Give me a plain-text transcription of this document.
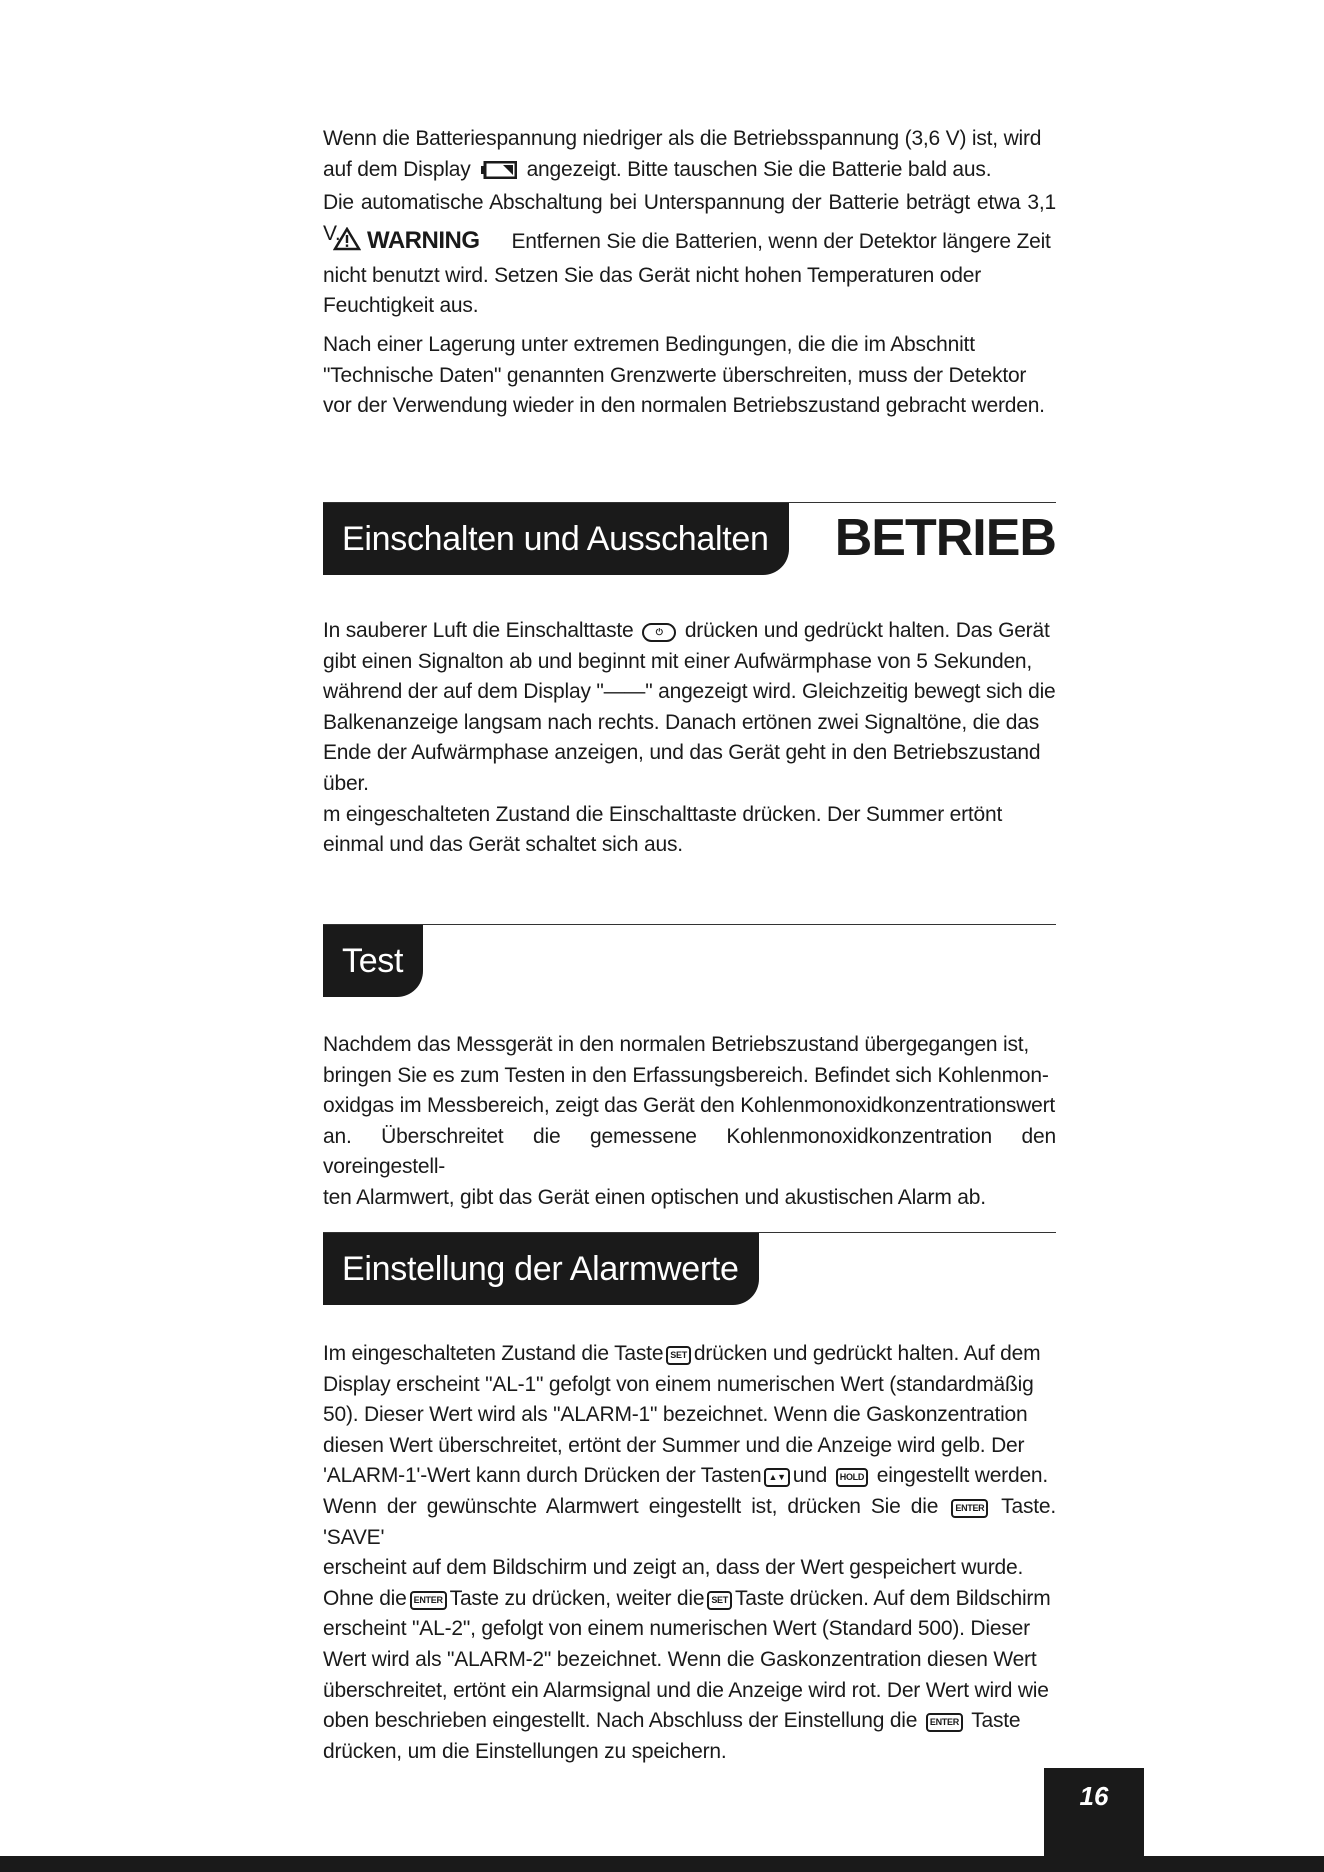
Wenn die Batteriespannung niedriger als die Betriebsspannung (3,6 V) ist, wird
auf dem Display	angezeigt. Bitte tauschen Sie die Batterie bald aus.
Die automatische Abschaltung bei Unterspannung der Batterie beträgt etwa 3,1 V.	WARNING Entfernen Sie die Batterien, wenn der Detektor längere Zeit
nicht benutzt wird. Setzen Sie das Gerät nicht hohen Temperaturen oder
Feuchtigkeit aus.

Nach einer Lagerung unter extremen Bedingungen, die die im Abschnitt
"Technische Daten" genannten Grenzwerte überschreiten, muss der Detektor
vor der Verwendung wieder in den normalen Betriebszustand gebracht werden.

Einschalten und Ausschalten	BETRIEB

In sauberer Luft die Einschalttaste ⏻ drücken und gedrückt halten. Das Gerät
gibt einen Signalton ab und beginnt mit einer Aufwärmphase von 5 Sekunden,
während der auf dem Display "——" angezeigt wird. Gleichzeitig bewegt sich die
Balkenanzeige langsam nach rechts. Danach ertönen zwei Signaltöne, die das
Ende der Aufwärmphase anzeigen, und das Gerät geht in den Betriebszustand
über.
m eingeschalteten Zustand die Einschalttaste drücken. Der Summer ertönt
einmal und das Gerät schaltet sich aus.

Test

Nachdem das Messgerät in den normalen Betriebszustand übergegangen ist,
bringen Sie es zum Testen in den Erfassungsbereich. Befindet sich Kohlenmon-
oxidgas im Messbereich, zeigt das Gerät den Kohlenmonoxidkonzentrationswert
an. Überschreitet die gemessene Kohlenmonoxidkonzentration den voreingestell-
ten Alarmwert, gibt das Gerät einen optischen und akustischen Alarm ab.

Einstellung der Alarmwerte

Im eingeschalteten Zustand die Taste SET drücken und gedrückt halten. Auf dem
Display erscheint "AL-1" gefolgt von einem numerischen Wert (standardmäßig
50). Dieser Wert wird als "ALARM-1" bezeichnet. Wenn die Gaskonzentration
diesen Wert überschreitet, ertönt der Summer und die Anzeige wird gelb. Der
'ALARM-1'-Wert kann durch Drücken der Tasten ▲▼ und HOLD eingestellt werden.
Wenn der gewünschte Alarmwert eingestellt ist, drücken Sie die ENTER Taste. 'SAVE'
erscheint auf dem Bildschirm und zeigt an, dass der Wert gespeichert wurde.
Ohne die ENTER Taste zu drücken, weiter die SET Taste drücken. Auf dem Bildschirm
erscheint "AL-2", gefolgt von einem numerischen Wert (Standard 500). Dieser
Wert wird als "ALARM-2" bezeichnet. Wenn die Gaskonzentration diesen Wert
überschreitet, ertönt ein Alarmsignal und die Anzeige wird rot. Der Wert wird wie
oben beschrieben eingestellt. Nach Abschluss der Einstellung die ENTER Taste
drücken, um die Einstellungen zu speichern.

16
